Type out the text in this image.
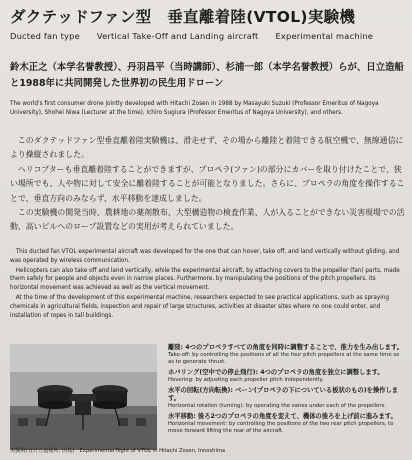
ダクテッドファン型　垂直離着陸(VTOL)実験機
Ducted fan type　　Vertical Take-Off and Landing aircraft　　Experimental machine
鈴木正之（本学名誉教授）、丹羽昌平（当時講師）、杉浦一郎（本学名誉教授）らが、日立造船と1988年に共同開発した世界初の民生用ドローン
The world's first consumer drone jointly developed with Hitachi Zosen in 1988 by Masayuki Suzuki (Professor Emeritus of Nagoya University), Shohei Niwa (Lecturer at the time), Ichiro Sugiura (Professor Emeritus of Nagoya University), and others.

このダクテッドファン型垂直離着陸実験機は、滑走せず、その場から離陸と着陸できる航空機で、無線通信により操縦されました。

ヘリコプターも垂直離着陸することができますが、プロペラ(ファン)の部分にカバーを取り付けたことで、狭い場所でも、人や物に対して安全に離着陸することが可能となりました。さらに、プロペラの角度を操作することで、垂直方向のみならず、水平移動を達成しました。

この実験機の開発当時、農耕地の薬剤散布、大型構造物の検査作業、人が入ることができない災害現場での活動、高いビルへのロープ設置などの実用が考えられていました。

This ducted fan VTOL experimental aircraft was developed for the one that can hover, take off, and land vertically without gliding, and was operated by wireless communication.

Helicopters can also take off and land vertically, while the experimental aircraft, by attaching covers to the propeller (fan) parts, made them safely for people and objects even in narrow places. Furthermore, by manipulating the positions of the pitch propellers, its horizontal movement was achieved as well as the vertical movement.

At the time of the development of this experimental machine, researchers expected to see practical applications, such as spraying chemicals in agricultural fields, inspection and repair of large structures, activities at disaster sites where no one could enter, and installation of ropes in tall buildings.

実験飛行(日立造船所, 因島)　Experimental flight of VTOL in Hitachi Zosen, Innoshima
離陸: 4つのプロペラすべての角度を同時に調整することで、推力を生み出します。
Take-off: by controlling the positions of all the four pitch propellers at the same time so as to generate thrust.
ホバリング(空中での停止飛行): 4つのプロペラの角度を独立に調整します。
Hovering: by adjusting each propeller pitch independently.
水平の回転(方向転換): ベーン(プロペラの下についている板状のもの)を操作します。
Horizontal rotation (turning): by operating the vanes under each of the propellers.
水平移動: 後ろ2つのプロペラの角度を変えて、機体の後ろを上げ前に進みます。
Horizontal movement: by controlling the positions of the two rear pitch propellers, to move forward lifting the rear of the aircraft.
